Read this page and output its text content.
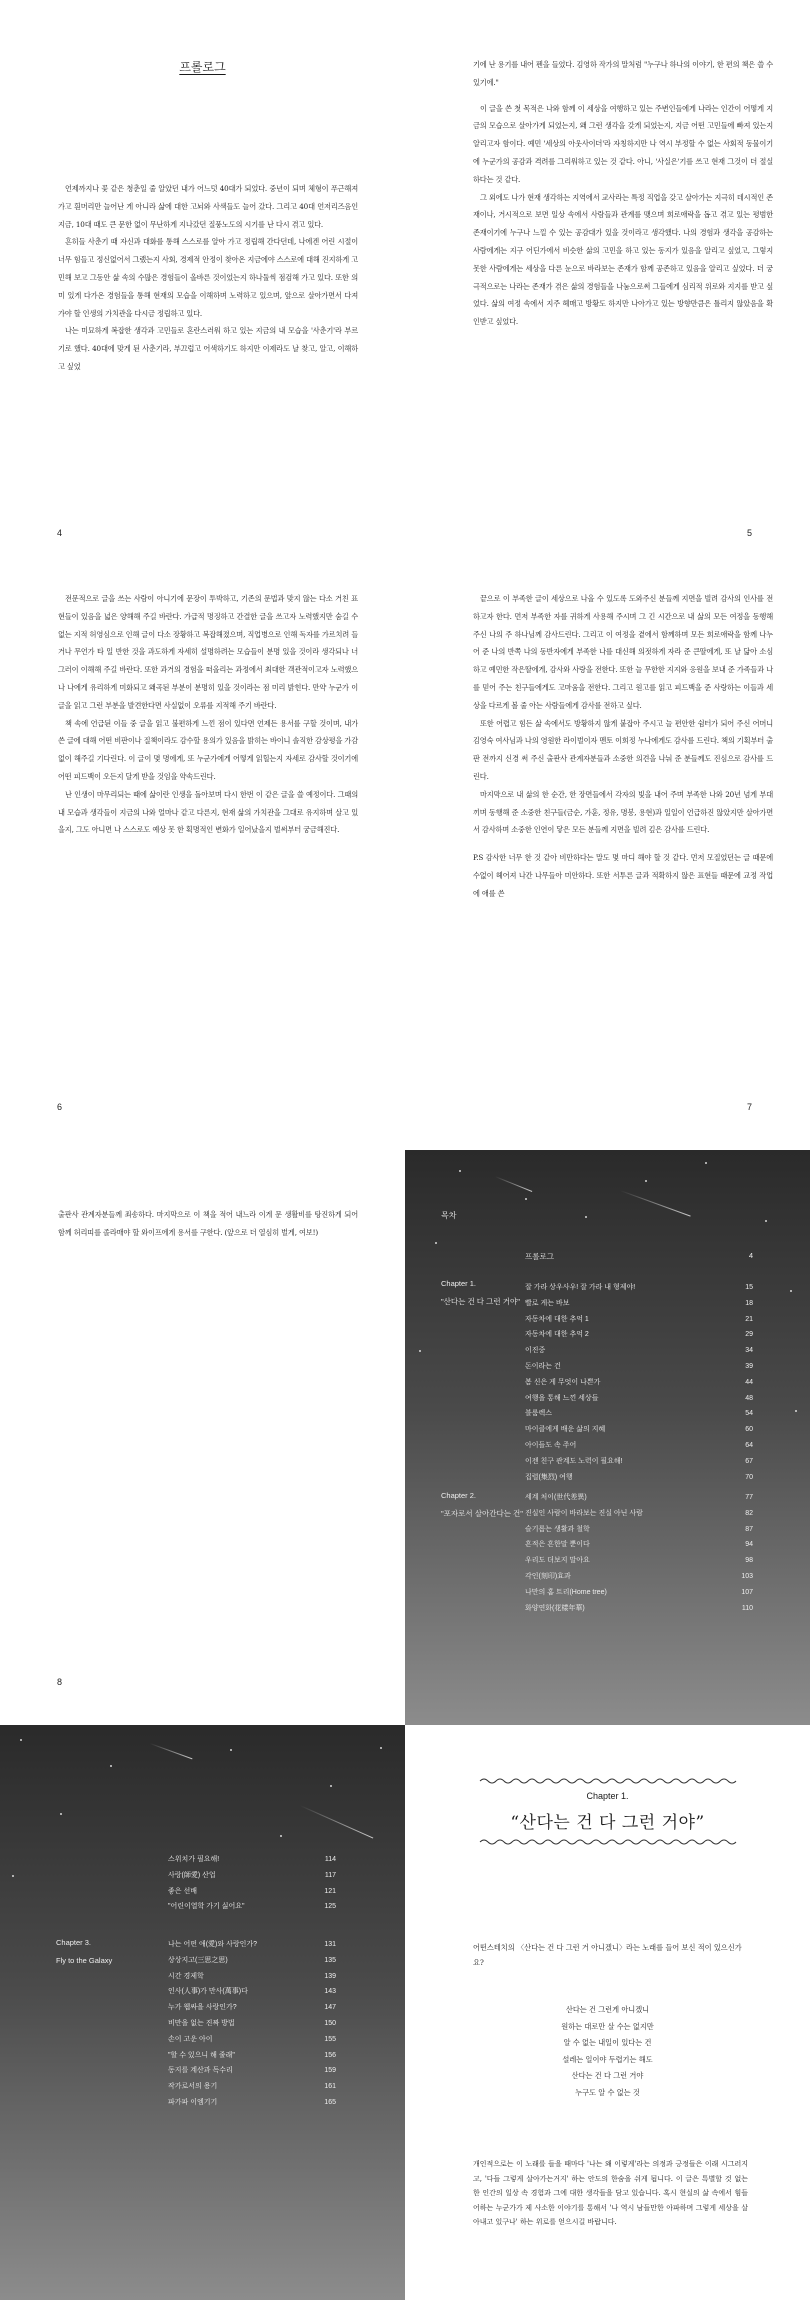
프롤로그

언제까지나 꽃 같은 청춘일 줄 알았던 내가 어느덧 40대가 되었다. 중년이 되며 체형이 푸근해져 가고 흰머리만 늘어난 게 아니라 삶에 대한 고뇌와 사색들도 늘어 갔다. 그리고 40대 언저리즈음인 지금, 10대 때도 큰 문한 없이 무난하게 지나갔던 질풍노도의 시기를 난 다시 겪고 있다.

흔히들 사춘기 때 자신과 대화를 통해 스스로를 알아 가고 정립해 간다던데, 나에겐 어린 시절이 너무 힘들고 정신없어서 그랬는지 사회, 경제적 안정이 찾아온 지금에야 스스로에 대해 진지하게 고민해 보고 그동안 삶 속의 수많은 경험들이 올바른 것이었는지 하나둘씩 점검해 가고 있다. 또한 의미 있게 다가온 경험들을 통해 현재의 모습을 이해하며 노력하고 있으며, 앞으로 살아가면서 다져 가야 할 인생의 가치관을 다시금 정립하고 있다.

나는 미묘하게 복잡한 생각과 고민들로 혼란스러워 하고 있는 지금의 내 모습을 '사춘기'라 부르기로 했다. 40대에 맞게 된 사춘기라, 부끄럽고 어색하기도 하지만 이제라도 날 찾고, 알고, 이해하고 싶었

4

기에 난 용기를 내어 펜을 들었다. 김영하 작가의 말처럼 "누구나 하나의 이야기, 한 편의 책은 쓸 수 있기에."

이 글을 쓴 첫 목적은 나와 함께 이 세상을 여행하고 있는 주변인들에게 나라는 인간이 어떻게 지금의 모습으로 살아가게 되었는지, 왜 그런 생각을 갖게 되었는지, 지금 어떤 고민들에 빠져 있는지 알리고자 함이다. 예민 '세상의 아웃사이더'라 자칭하지만 나 역시 부정할 수 없는 사회적 동물이기에 누군가의 공감과 격려를 그리워하고 있는 것 같다. 아니, '사실은'기를 쓰고 현재 그것이 더 절실하다는 것 같다.

그 외에도 나가 현재 생각하는 지역에서 교사라는 특정 직업을 갖고 살아가는 지극히 데시적인 존재이나, 거시적으로 보면 일상 속에서 사람들과 관계를 맺으며 희로애락을 돕고 겪고 있는 평범한 존재이기에 누구나 느낄 수 있는 공감대가 있을 것이라고 생각했다. 나의 경험과 생각을 공감하는 사람에게는 지구 어딘가에서 비슷한 삶의 고민을 하고 있는 동지가 있음을 알리고 싶었고, 그렇지 못한 사람에게는 세상을 다른 눈으로 바라보는 존재가 함께 공존하고 있음을 알리고 싶었다. 더 궁극적으로는 나라는 존재가 겪은 삶의 경험들을 나눔으로써 그들에게 심리적 위로와 지지를 받고 싶었다. 삶의 여정 속에서 지주 헤매고 방황도 하지만 나아가고 있는 방향만큼은 틀리지 않았음을 확인받고 싶었다.

5

전문적으로 글을 쓰는 사람이 아니기에 문장이 투박하고, 기존의 문법과 맞지 않는 다소 거친 표현들이 있음을 넓은 양해해 주길 바란다. 가급적 명징하고 간결한 글을 쓰고자 노력했지만 숨길 수 없는 지적 허영심으로 인해 글이 다소 장황하고 복잡해졌으며, 직업병으로 인해 독자를 가르치려 들거나 무언가 타 일 반한 것을 과도하게 자세히 설명하려는 모습들이 분명 있을 것이라 생각되나 너그러이 이해해 주길 바란다. 또한 과거의 경험을 떠올리는 과정에서 최대한 객관적이고자 노력했으나 나에게 유리하게 미화되고 왜곡된 부분이 분명히 있을 것이라는 점 미리 밝힌다. 만약 누군가 이 글을 읽고 그런 부분을 발견한다면 사실없이 오류를 지적해 주기 바란다.

책 속에 언급된 이들 중 글을 읽고 불편하게 느낀 점이 있다면 언제든 용서를 구할 것이며, 내가 쓴 글에 대해 어떤 비판이나 질책이라도 감수할 용의가 있음을 밝히는 바이니 솔직한 감상평을 가감없이 해주길 기다린다. 이 글이 몇 명에게, 또 누군가에게 어떻게 읽힐는지 자세로 감사할 것이기에 어떤 피드백이 오든지 달게 받을 것임을 약속드린다.

난 인생이 마무리되는 때에 삶이란 인생을 돌아보며 다시 한번 이 같은 글을 쓸 예정이다. 그때의 내 모습과 생각들이 지금의 나와 얼마나 같고 다른지, 현재 삶의 가치관을 그대로 유지하며 살고 있을지, 그도 아니면 나 스스로도 예상 못 한 획명적인 변화가 일어났을지 벌써부터 궁금해진다.

6

끝으로 이 부족한 글이 세상으로 나올 수 있도록 도와주신 분들께 지면을 빌려 감사의 인사를 전하고자 한다. 먼저 부족한 자를 귀하게 사용해 주시며 그 긴 시간으로 내 삶의 모든 여정을 동행해 주신 나의 주 하나님께 감사드린다. 그리고 이 여정을 곁에서 함께하며 모든 희로애락을 함께 나누어 준 나의 반쪽 나의 동반자에게 부족한 나를 대신해 의젓하게 자라 준 큰딸에게, 또 날 닮아 소심하고 예민한 작은딸에게, 감사와 사랑을 전한다. 또한 늘 무한한 지지와 응원을 보내 준 가족들과 나를 믿어 주는 친구들에게도 고마움을 전한다. 그리고 원고를 읽고 피드백을 준 사랑하는 이들과 세상을 다르게 볼 줄 아는 사람들에게 감사를 전하고 싶다.

또한 어렵고 힘든 삶 속에서도 방황하지 않게 붙잡아 주시고 늘 편안한 쉼터가 되어 주신 어머니 김영숙 여사님과 나의 영원한 라이벌이자 멘토 이희정 누나에게도 감사를 드린다. 책의 기획부터 출판 전까지 신경 써 주신 출판사 관계자분들과 소중한 의견을 나눠 준 분들께도 진심으로 감사를 드린다.

마지막으로 내 삶의 한 순간, 한 장면들에서 각자의 빛을 내어 주며 부족한 나와 20년 넘게 부대끼며 동행해 준 소중한 친구들(금순, 가훈, 정유, 명봉, 용현)과 일일이 언급하진 않았지만 살아가면서 감사하며 소중한 인연이 닿은 모든 분들께 지면을 빌려 깊은 감사를 드린다.

P.S 감사한 너무 한 것 같아 비만하다는 말도 몇 마디 해야 할 것 같다. 먼저 모질었던는 글 때문에 수없이 헤어져 나간 나무들아 미안하다. 또한 서투른 글과 적확하지 않은 표현들 때문에 교정 작업에 애를 쓴

7

출판사 관계자분들께 죄송하다. 마지막으로 이 책을 적어 내느라 이게 문 생활비를 탕진하게 되어 함께 허리띠를 졸라매야 할 와이프에게 용서를 구한다. (앞으로 더 열심히 벌게, 여보!)

8
목차
프롤로그	4
Chapter 1.
"산다는 건 다 그런 거야"
잘 가라 상우사우! 잘 가라 내 형제야!	15
빨로 게는 바보	18
자동차에 대한 추억 1	21
자동차에 대한 추억 2	29
이진중	34
돈이라는 건	39
봄 신은 게 무엇이 나쁜가	44
여행을 통해 느낀 세상들	48
블룸렉스	54
마이클에게 배운 삶의 지혜	60
아이들도 속 주어	64
이젠 친구 관계도 노력이 필요해!	67
집렬(集烈) 여행	70
Chapter 2.
"포자로서 살아간다는 건"
세계 처이(世代差異)	77
진실인 사람이 바라보는 진실 아닌 사람	82
슬기롭는 생활과 철학	87
흔적은 흔한말 뿐이다	94
우리도 더보지 말아요	98
각인(刻印)효과	103
나만의 홈 트리(Home tree)	107
화양연화(花樣年華)	110
스위치가 필요해!	114
사랑(師愛) 산업	117
좋은 선배	121
"어린이열학 가기 싫어요"	125
Chapter 3.
Fly to the Galaxy
나는 어떤 애(愛)와 사랑인가?	131
상상지고(三思之思)	135
시간 경제학	139
인사(人事)가 만사(萬事)다	143
누가 웹싸을 사랑인가?	147
비만을 없는 진짜 방법	150
손이 고운 아이	155
"할 수 있으니 해 줄래"	156
동지를 계산과 독수리	159
작가로서의 용기	161
파가파 이엠기기	165
Chapter 1.
“산다는 건 다 그런 거야”
어떤스테치의 〈산다는 건 다 그런 거 아니겠니〉라는 노래를 들어 보신 적이 있으신가요?
산다는 건 그런게 아니겠니
원하는 대로만 살 수는 없지만
알 수 없는 내일이 있다는 건
설레는 일이야 두렵기는 해도
산다는 건 다 그런 거야
누구도 알 수 없는 것
개인적으로는 이 노래를 들을 때마다 '나는 왜 이렇게'라는 의정과 긍정들은 이래 시그러지고, '다들 그렇게 살아가는거지' 하는 안도의 한숨을 쉬게 됩니다. 이 글은 특별할 것 없는 한 인간의 일상 속 경험과 그에 대한 생각들을 담고 있습니다. 혹시 현실의 삶 속에서 힘들어하는 누군가가 제 사소한 이야기를 통해서 '나 역시 남들만한 아파하며 그렇게 세상을 살아내고 있구나' 하는 위로를 얻으시길 바랍니다.
